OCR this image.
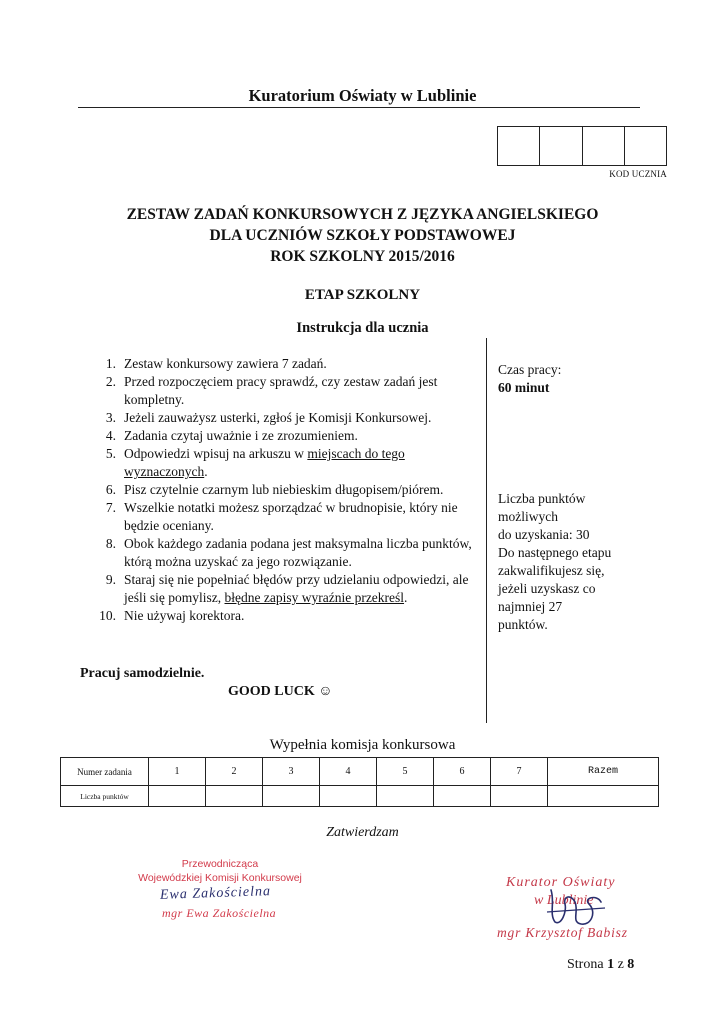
Kuratorium Oświaty w Lublinie
KOD UCZNIA
ZESTAW ZADAŃ KONKURSOWYCH Z JĘZYKA ANGIELSKIEGO
DLA UCZNIÓW SZKOŁY PODSTAWOWEJ
ROK SZKOLNY 2015/2016
ETAP SZKOLNY
Instrukcja dla ucznia
1. Zestaw konkursowy zawiera 7 zadań.
2. Przed rozpoczęciem pracy sprawdź, czy zestaw zadań jest kompletny.
3. Jeżeli zauważysz usterki, zgłoś je Komisji Konkursowej.
4. Zadania czytaj uważnie i ze zrozumieniem.
5. Odpowiedzi wpisuj na arkuszu w miejscach do tego wyznaczonych.
6. Pisz czytelnie czarnym lub niebieskim długopisem/piórem.
7. Wszelkie notatki możesz sporządzać w brudnopisie, który nie będzie oceniany.
8. Obok każdego zadania podana jest maksymalna liczba punktów, którą można uzyskać za jego rozwiązanie.
9. Staraj się nie popełniać błędów przy udzielaniu odpowiedzi, ale jeśli się pomylisz, błędne zapisy wyraźnie przekreśl.
10. Nie używaj korektora.
Pracuj samodzielnie.
GOOD LUCK ☺
Czas pracy:
60 minut
Liczba punktów
możliwych
do uzyskania: 30
Do następnego etapu
zakwalifikujesz się,
jeżeli uzyskasz co
najmniej 27
punktów.
Wypełnia komisja konkursowa
Numer zadania	1	2	3	4	5	6	7	Razem
Liczba punktów								
Zatwierdzam
Przewodnicząca
Wojewódzkiej Komisji Konkursowej
Ewa Zakościelna
mgr Ewa Zakościelna
Kurator Oświaty
w Lublinie
mgr Krzysztof Babisz
Strona 1 z 8
